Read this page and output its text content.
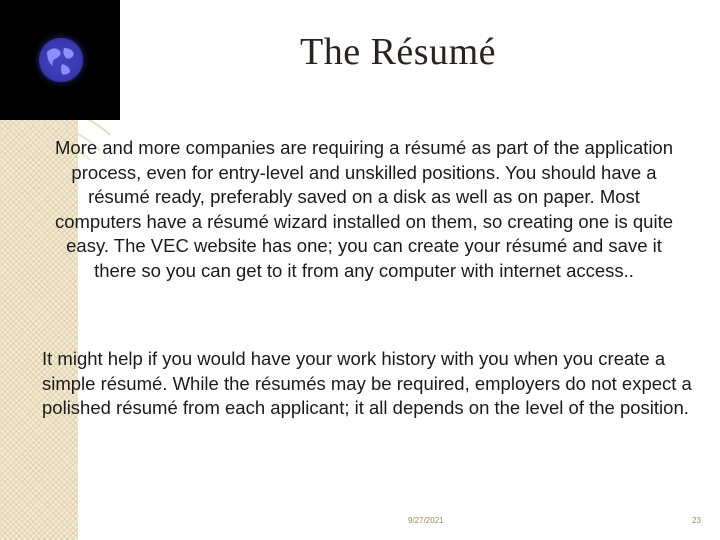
The Résumé
More and more companies are requiring a résumé as part of the application process, even for entry-level and unskilled positions. You should have a résumé ready, preferably saved on a disk as well as on paper. Most computers have a résumé wizard installed on them, so creating one is quite easy. The VEC website has one; you can create your résumé and save it there so you can get to it from any computer with internet access..
It might help if you would have your work history with you when you create a simple résumé. While the résumés may be required, employers do not expect a polished résumé from each applicant; it all depends on the level of the position.
9/27/2021	23
